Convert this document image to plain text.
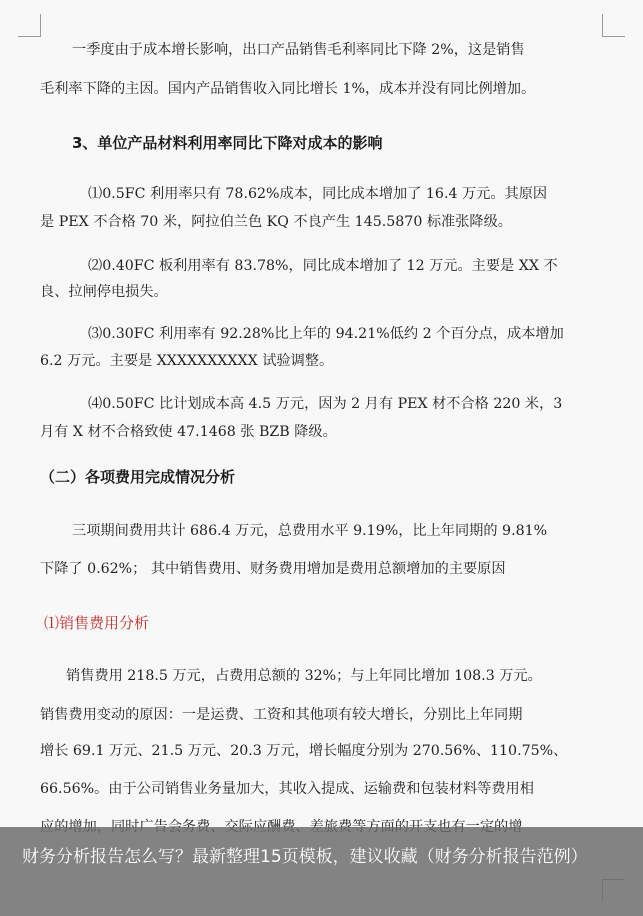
一季度由于成本增长影响，出口产品销售毛利率同比下降 2%，这是销售
毛利率下降的主因。国内产品销售收入同比增长 1%，成本并没有同比例增加。
3、单位产品材料利用率同比下降对成本的影响
⑴0.5FC 利用率只有 78.62%成本，同比成本增加了 16.4 万元。其原因
是 PEX 不合格 70 米，阿拉伯兰色 KQ 不良产生 145.5870 标准张降级。
⑵0.40FC 板利用率有 83.78%，同比成本增加了 12 万元。主要是 XX 不
良、拉闸停电损失。
⑶0.30FC 利用率有 92.28%比上年的 94.21%低约 2 个百分点，成本增加
6.2 万元。主要是 XXXXXXXXXX 试验调整。
⑷0.50FC 比计划成本高 4.5 万元，因为 2 月有 PEX 材不合格 220 米，3
月有 X 材不合格致使 47.1468 张 BZB 降级。
（二）各项费用完成情况分析
三项期间费用共计 686.4 万元，总费用水平 9.19%，比上年同期的 9.81%
下降了 0.62%； 其中销售费用、财务费用增加是费用总额增加的主要原因
⑴销售费用分析
销售费用 218.5 万元，占费用总额的 32%；与上年同比增加 108.3 万元。
销售费用变动的原因：一是运费、工资和其他项有较大增长，分别比上年同期
增长 69.1 万元、21.5 万元、20.3 万元，增长幅度分别为 270.56%、110.75%、
66.56%。由于公司销售业务量加大，其收入提成、运输费和包装材料等费用相
财务分析报告怎么写？最新整理15页模板，建议收藏（财务分析报告范例）
